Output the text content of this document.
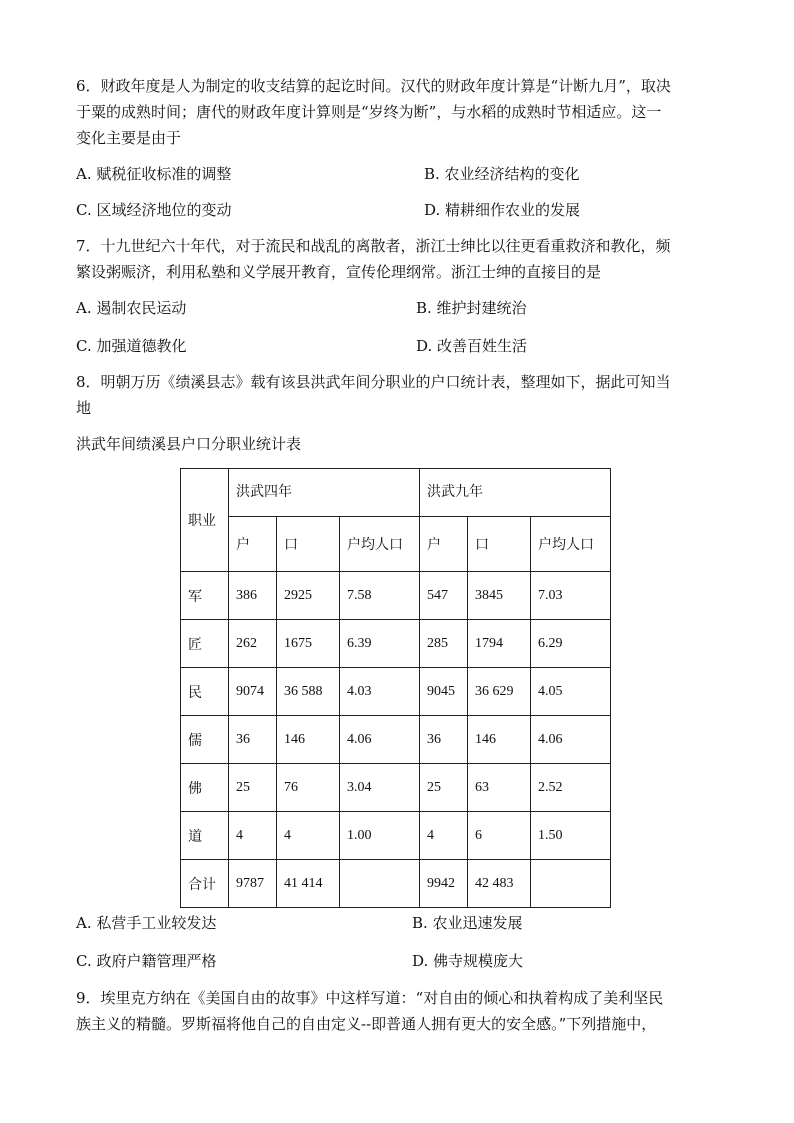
6．财政年度是人为制定的收支结算的起讫时间。汉代的财政年度计算是“计断九月”，取决
于粟的成熟时间；唐代的财政年度计算则是“岁终为断”，与水稻的成熟时节相适应。这一
变化主要是由于
A. 赋税征收标准的调整	B. 农业经济结构的变化
C. 区域经济地位的变动	D. 精耕细作农业的发展
7．十九世纪六十年代，对于流民和战乱的离散者，浙江士绅比以往更看重救济和教化，频
繁设粥赈济，利用私塾和义学展开教育，宣传伦理纲常。浙江士绅的直接目的是
A. 遏制农民运动	B. 维护封建统治
C. 加强道德教化	D. 改善百姓生活
8．明朝万历《绩溪县志》载有该县洪武年间分职业的户口统计表，整理如下，据此可知当
地
洪武年间绩溪县户口分职业统计表
职业	洪武四年			洪武九年		
	户	口	户均人口	户	口	户均人口
军	386	2925	7.58	547	3845	7.03
匠	262	1675	6.39	285	1794	6.29
民	9074	36 588	4.03	9045	36 629	4.05
儒	36	146	4.06	36	146	4.06
佛	25	76	3.04	25	63	2.52
道	4	4	1.00	4	6	1.50
合计	9787	41 414		9942	42 483	
A. 私营手工业较发达	B. 农业迅速发展
C. 政府户籍管理严格	D. 佛寺规模庞大
9．埃里克方纳在《美国自由的故事》中这样写道：“对自由的倾心和执着构成了美利坚民
族主义的精髓。罗斯福将他自己的自由定义--即普通人拥有更大的安全感。”下列措施中，
